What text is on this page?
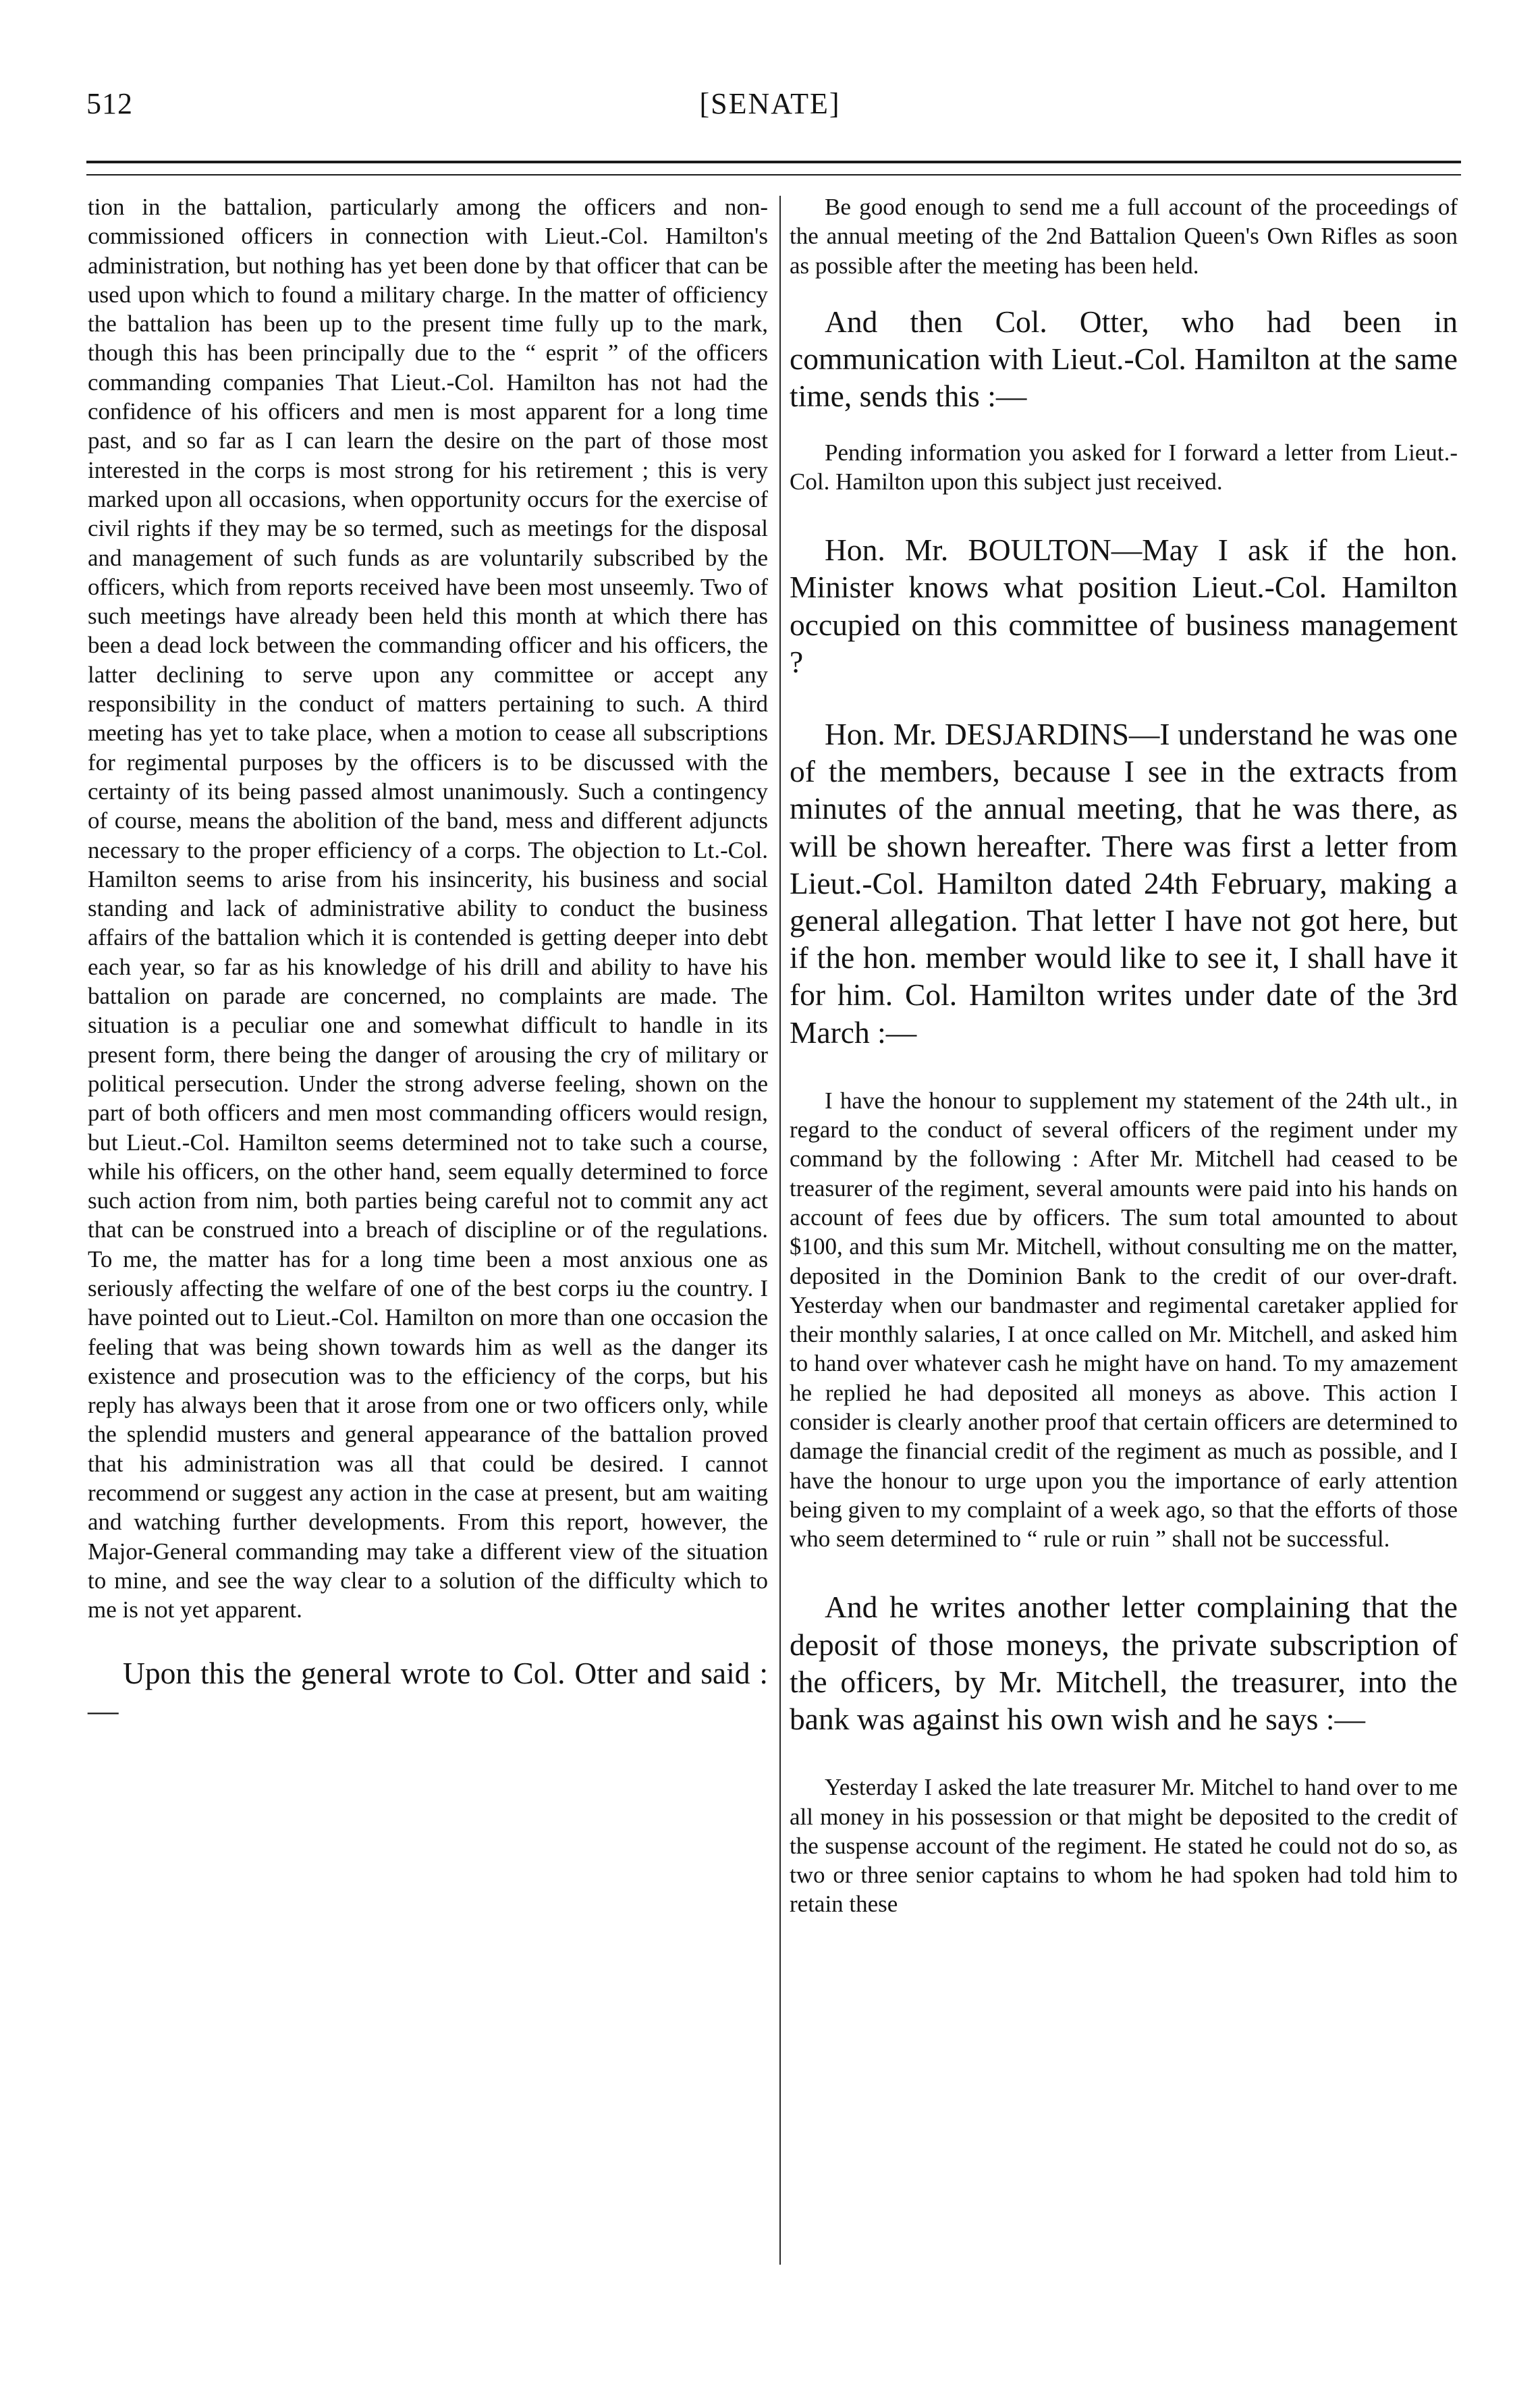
512	[SENATE]

tion in the battalion, particularly among the officers and non-commissioned officers in connection with Lieut.-Col. Hamilton's administration, but nothing has yet been done by that officer that can be used upon which to found a military charge. In the matter of officiency the battalion has been up to the present time fully up to the mark, though this has been principally due to the “ esprit ” of the officers commanding companies That Lieut.-Col. Hamilton has not had the confidence of his officers and men is most apparent for a long time past, and so far as I can learn the desire on the part of those most interested in the corps is most strong for his retirement ; this is very marked upon all occasions, when opportunity occurs for the exercise of civil rights if they may be so termed, such as meetings for the disposal and management of such funds as are voluntarily subscribed by the officers, which from reports received have been most unseemly. Two of such meetings have already been held this month at which there has been a dead lock between the commanding officer and his officers, the latter declining to serve upon any committee or accept any responsibility in the conduct of matters pertaining to such. A third meeting has yet to take place, when a motion to cease all subscriptions for regimental purposes by the officers is to be discussed with the certainty of its being passed almost unanimously. Such a contingency of course, means the abolition of the band, mess and different adjuncts necessary to the proper efficiency of a corps. The objection to Lt.-Col. Hamilton seems to arise from his insincerity, his business and social standing and lack of administrative ability to conduct the business affairs of the battalion which it is contended is getting deeper into debt each year, so far as his knowledge of his drill and ability to have his battalion on parade are concerned, no complaints are made. The situation is a peculiar one and somewhat difficult to handle in its present form, there being the danger of arousing the cry of military or political persecution. Under the strong adverse feeling, shown on the part of both officers and men most commanding officers would resign, but Lieut.-Col. Hamilton seems determined not to take such a course, while his officers, on the other hand, seem equally determined to force such action from nim, both parties being careful not to commit any act that can be construed into a breach of discipline or of the regulations. To me, the matter has for a long time been a most anxious one as seriously affecting the welfare of one of the best corps iu the country. I have pointed out to Lieut.-Col. Hamilton on more than one occasion the feeling that was being shown towards him as well as the danger its existence and prosecution was to the efficiency of the corps, but his reply has always been that it arose from one or two officers only, while the splendid musters and general appearance of the battalion proved that his administration was all that could be desired. I cannot recommend or suggest any action in the case at present, but am waiting and watching further developments. From this report, however, the Major-General commanding may take a different view of the situation to mine, and see the way clear to a solution of the difficulty which to me is not yet apparent.

Upon this the general wrote to Col. Otter and said :—

Be good enough to send me a full account of the proceedings of the annual meeting of the 2nd Battalion Queen's Own Rifles as soon as possible after the meeting has been held.

And then Col. Otter, who had been in communication with Lieut.-Col. Hamilton at the same time, sends this :—

Pending information you asked for I forward a letter from Lieut.-Col. Hamilton upon this subject just received.

Hon. Mr. BOULTON—May I ask if the hon. Minister knows what position Lieut.-Col. Hamilton occupied on this committee of business management ?

Hon. Mr. DESJARDINS—I understand he was one of the members, because I see in the extracts from minutes of the annual meeting, that he was there, as will be shown hereafter. There was first a letter from Lieut.-Col. Hamilton dated 24th February, making a general allegation. That letter I have not got here, but if the hon. member would like to see it, I shall have it for him. Col. Hamilton writes under date of the 3rd March :—

I have the honour to supplement my statement of the 24th ult., in regard to the conduct of several officers of the regiment under my command by the following : After Mr. Mitchell had ceased to be treasurer of the regiment, several amounts were paid into his hands on account of fees due by officers. The sum total amounted to about $100, and this sum Mr. Mitchell, without consulting me on the matter, deposited in the Dominion Bank to the credit of our over-draft. Yesterday when our bandmaster and regimental caretaker applied for their monthly salaries, I at once called on Mr. Mitchell, and asked him to hand over whatever cash he might have on hand. To my amazement he replied he had deposited all moneys as above. This action I consider is clearly another proof that certain officers are determined to damage the financial credit of the regiment as much as possible, and I have the honour to urge upon you the importance of early attention being given to my complaint of a week ago, so that the efforts of those who seem determined to “ rule or ruin ” shall not be successful.

And he writes another letter complaining that the deposit of those moneys, the private subscription of the officers, by Mr. Mitchell, the treasurer, into the bank was against his own wish and he says :—

Yesterday I asked the late treasurer Mr. Mitchel to hand over to me all money in his possession or that might be deposited to the credit of the suspense account of the regiment. He stated he could not do so, as two or three senior captains to whom he had spoken had told him to retain these
